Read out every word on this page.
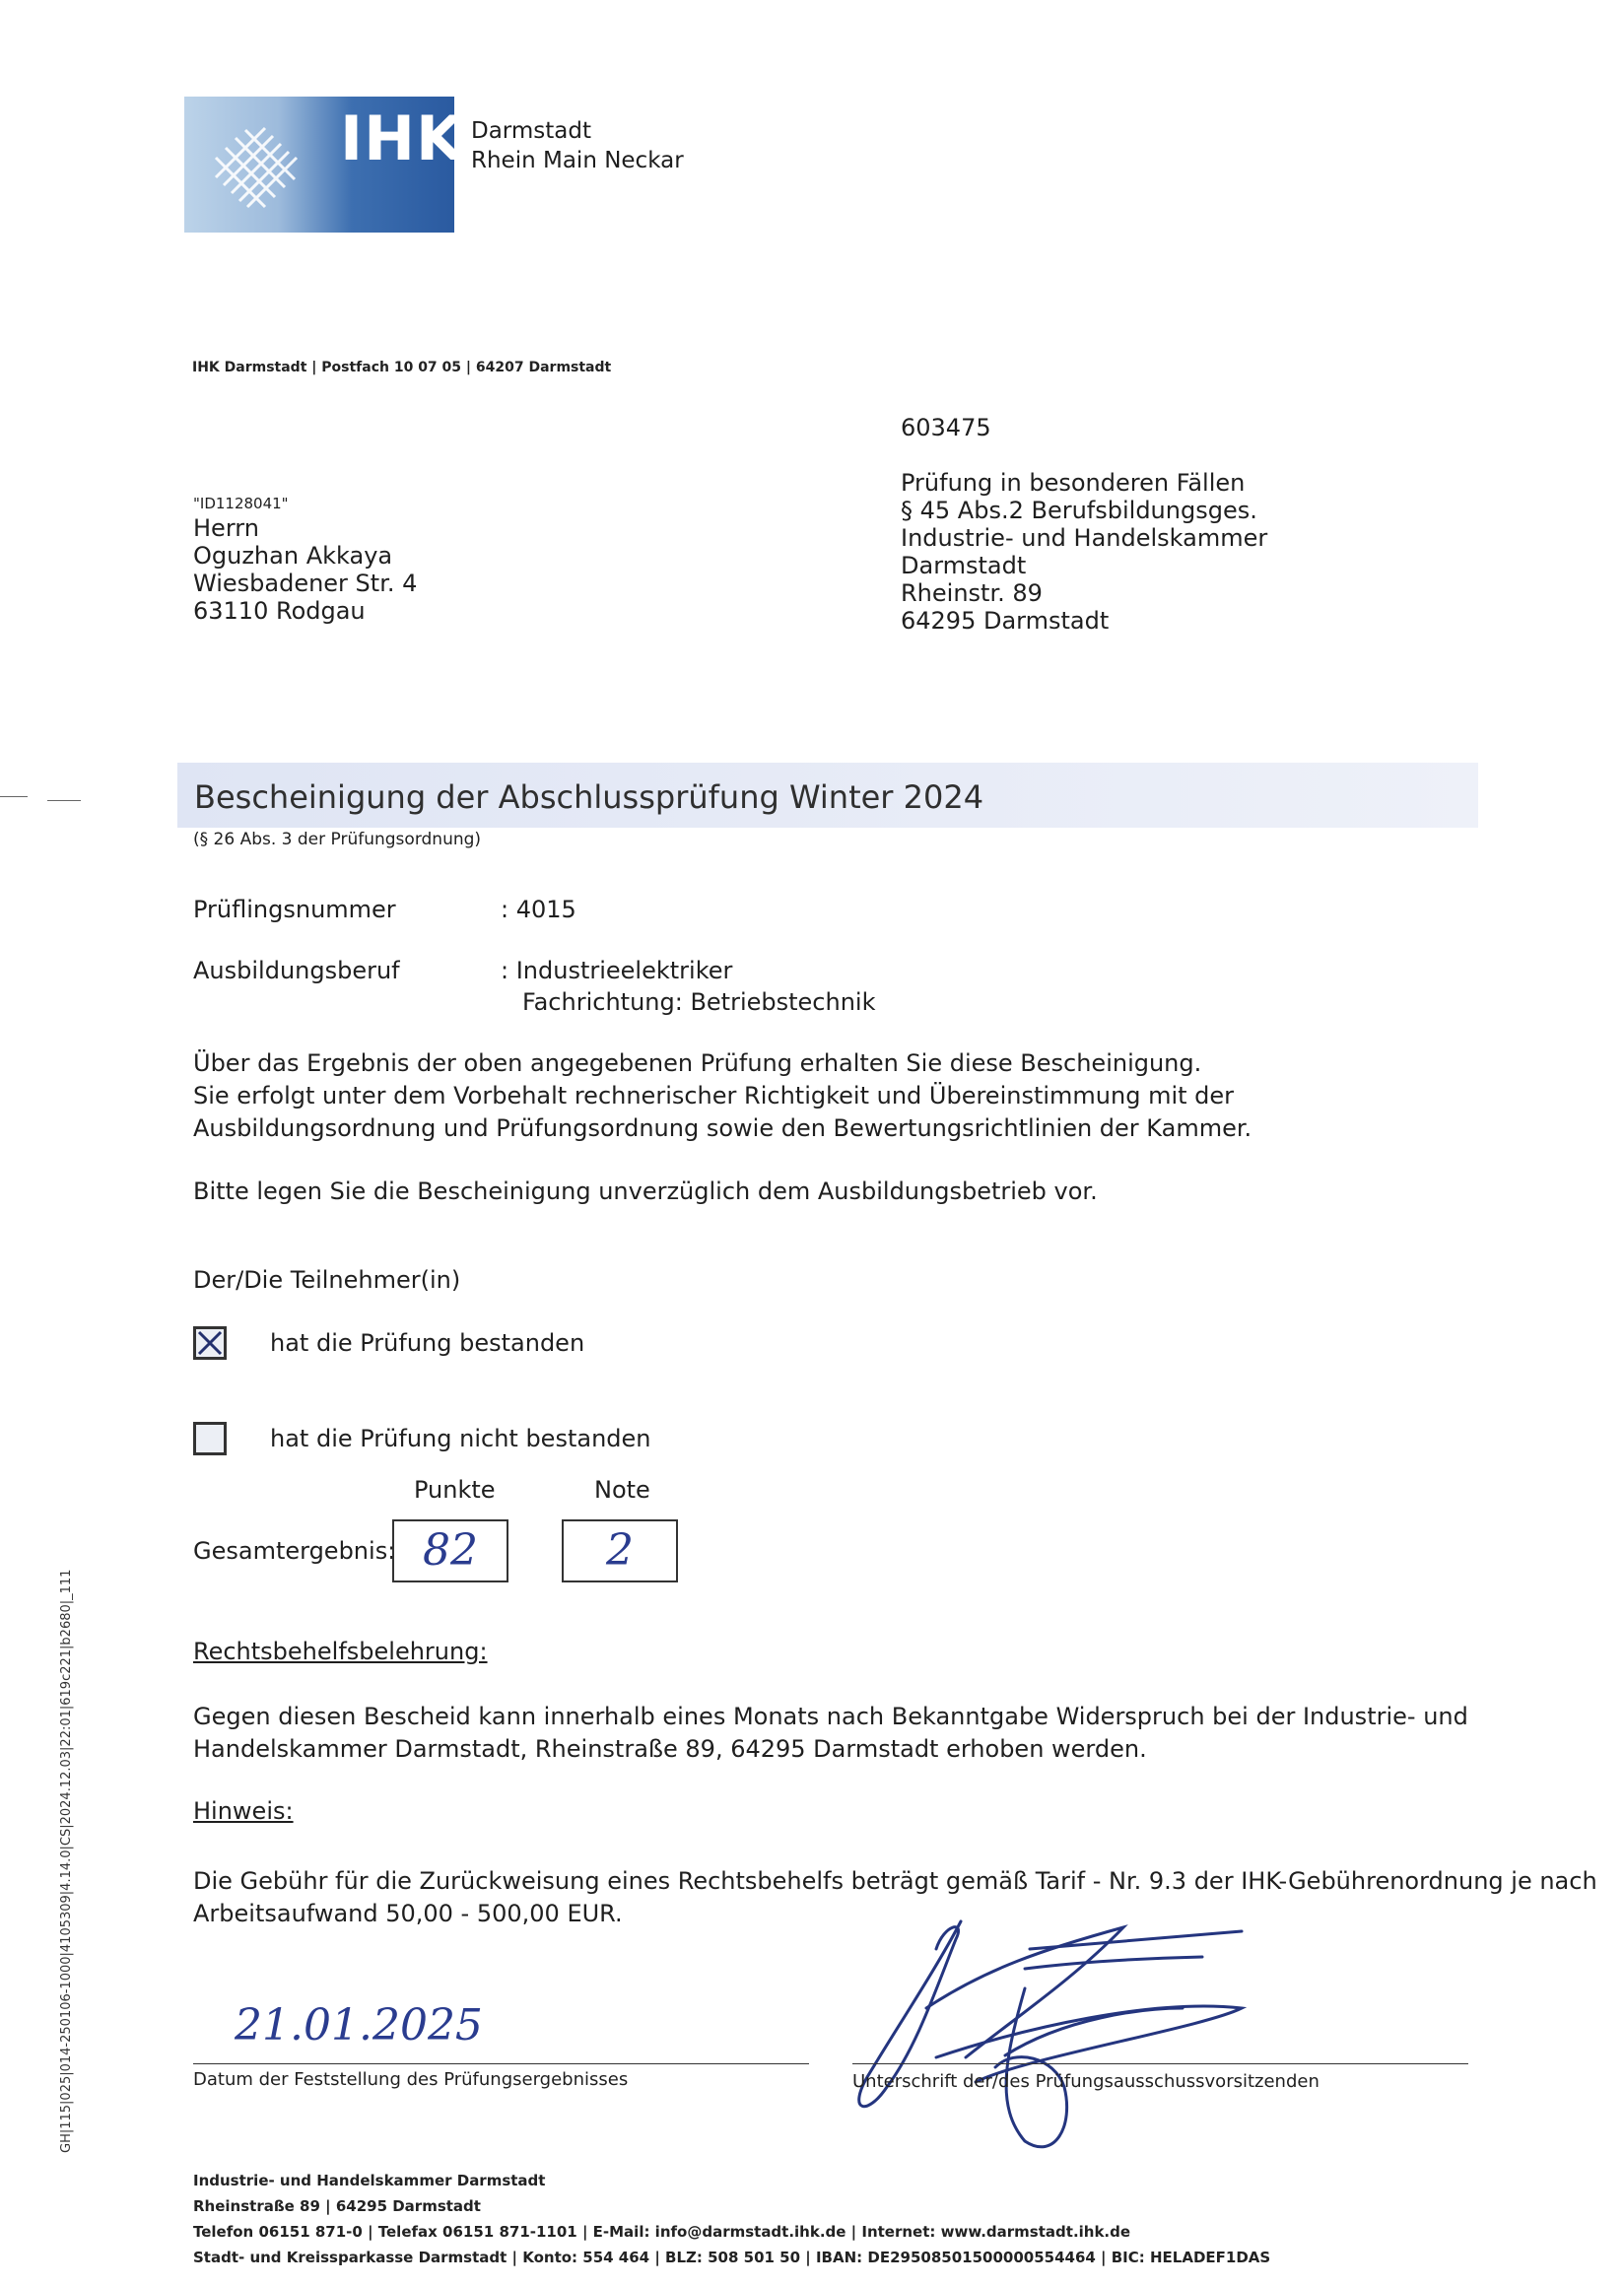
IHK Darmstadt
Rhein Main Neckar
IHK Darmstadt | Postfach 10 07 05 | 64207 Darmstadt
"ID1128041"
Herrn
Oguzhan Akkaya
Wiesbadener Str. 4
63110 Rodgau
603475
Prüfung in besonderen Fällen
§ 45 Abs.2 Berufsbildungsges.
Industrie- und Handelskammer
Darmstadt
Rheinstr. 89
64295 Darmstadt
Bescheinigung der Abschlussprüfung Winter 2024
(§ 26 Abs. 3 der Prüfungsordnung)
Prüflingsnummer	: 4015
Ausbildungsberuf	: Industrieelektriker
Fachrichtung: Betriebstechnik
Über das Ergebnis der oben angegebenen Prüfung erhalten Sie diese Bescheinigung.
Sie erfolgt unter dem Vorbehalt rechnerischer Richtigkeit und Übereinstimmung mit der
Ausbildungsordnung und Prüfungsordnung sowie den Bewertungsrichtlinien der Kammer.
Bitte legen Sie die Bescheinigung unverzüglich dem Ausbildungsbetrieb vor.
Der/Die Teilnehmer(in)
hat die Prüfung bestanden
hat die Prüfung nicht bestanden
Punkte	Note
Gesamtergebnis: 82	2
Rechtsbehelfsbelehrung:
Gegen diesen Bescheid kann innerhalb eines Monats nach Bekanntgabe Widerspruch bei der Industrie- und
Handelskammer Darmstadt, Rheinstraße 89, 64295 Darmstadt erhoben werden.
Hinweis:
Die Gebühr für die Zurückweisung eines Rechtsbehelfs beträgt gemäß Tarif - Nr. 9.3 der IHK-Gebührenordnung je nach
Arbeitsaufwand 50,00 - 500,00 EUR.
21.01.2025
Datum der Feststellung des Prüfungsergebnisses	Unterschrift der/des Prüfungsausschussvorsitzenden
Industrie- und Handelskammer Darmstadt
Rheinstraße 89 | 64295 Darmstadt
Telefon 06151 871-0 | Telefax 06151 871-1101 | E-Mail: info@darmstadt.ihk.de | Internet: www.darmstadt.ihk.de
Stadt- und Kreissparkasse Darmstadt | Konto: 554 464 | BLZ: 508 501 50 | IBAN: DE29508501500000554464 | BIC: HELADEF1DAS
GH|115|025|014-250106-1000|4105309|4.14.0|CS|2024.12.03|22:01|619c221|b2680|_111
